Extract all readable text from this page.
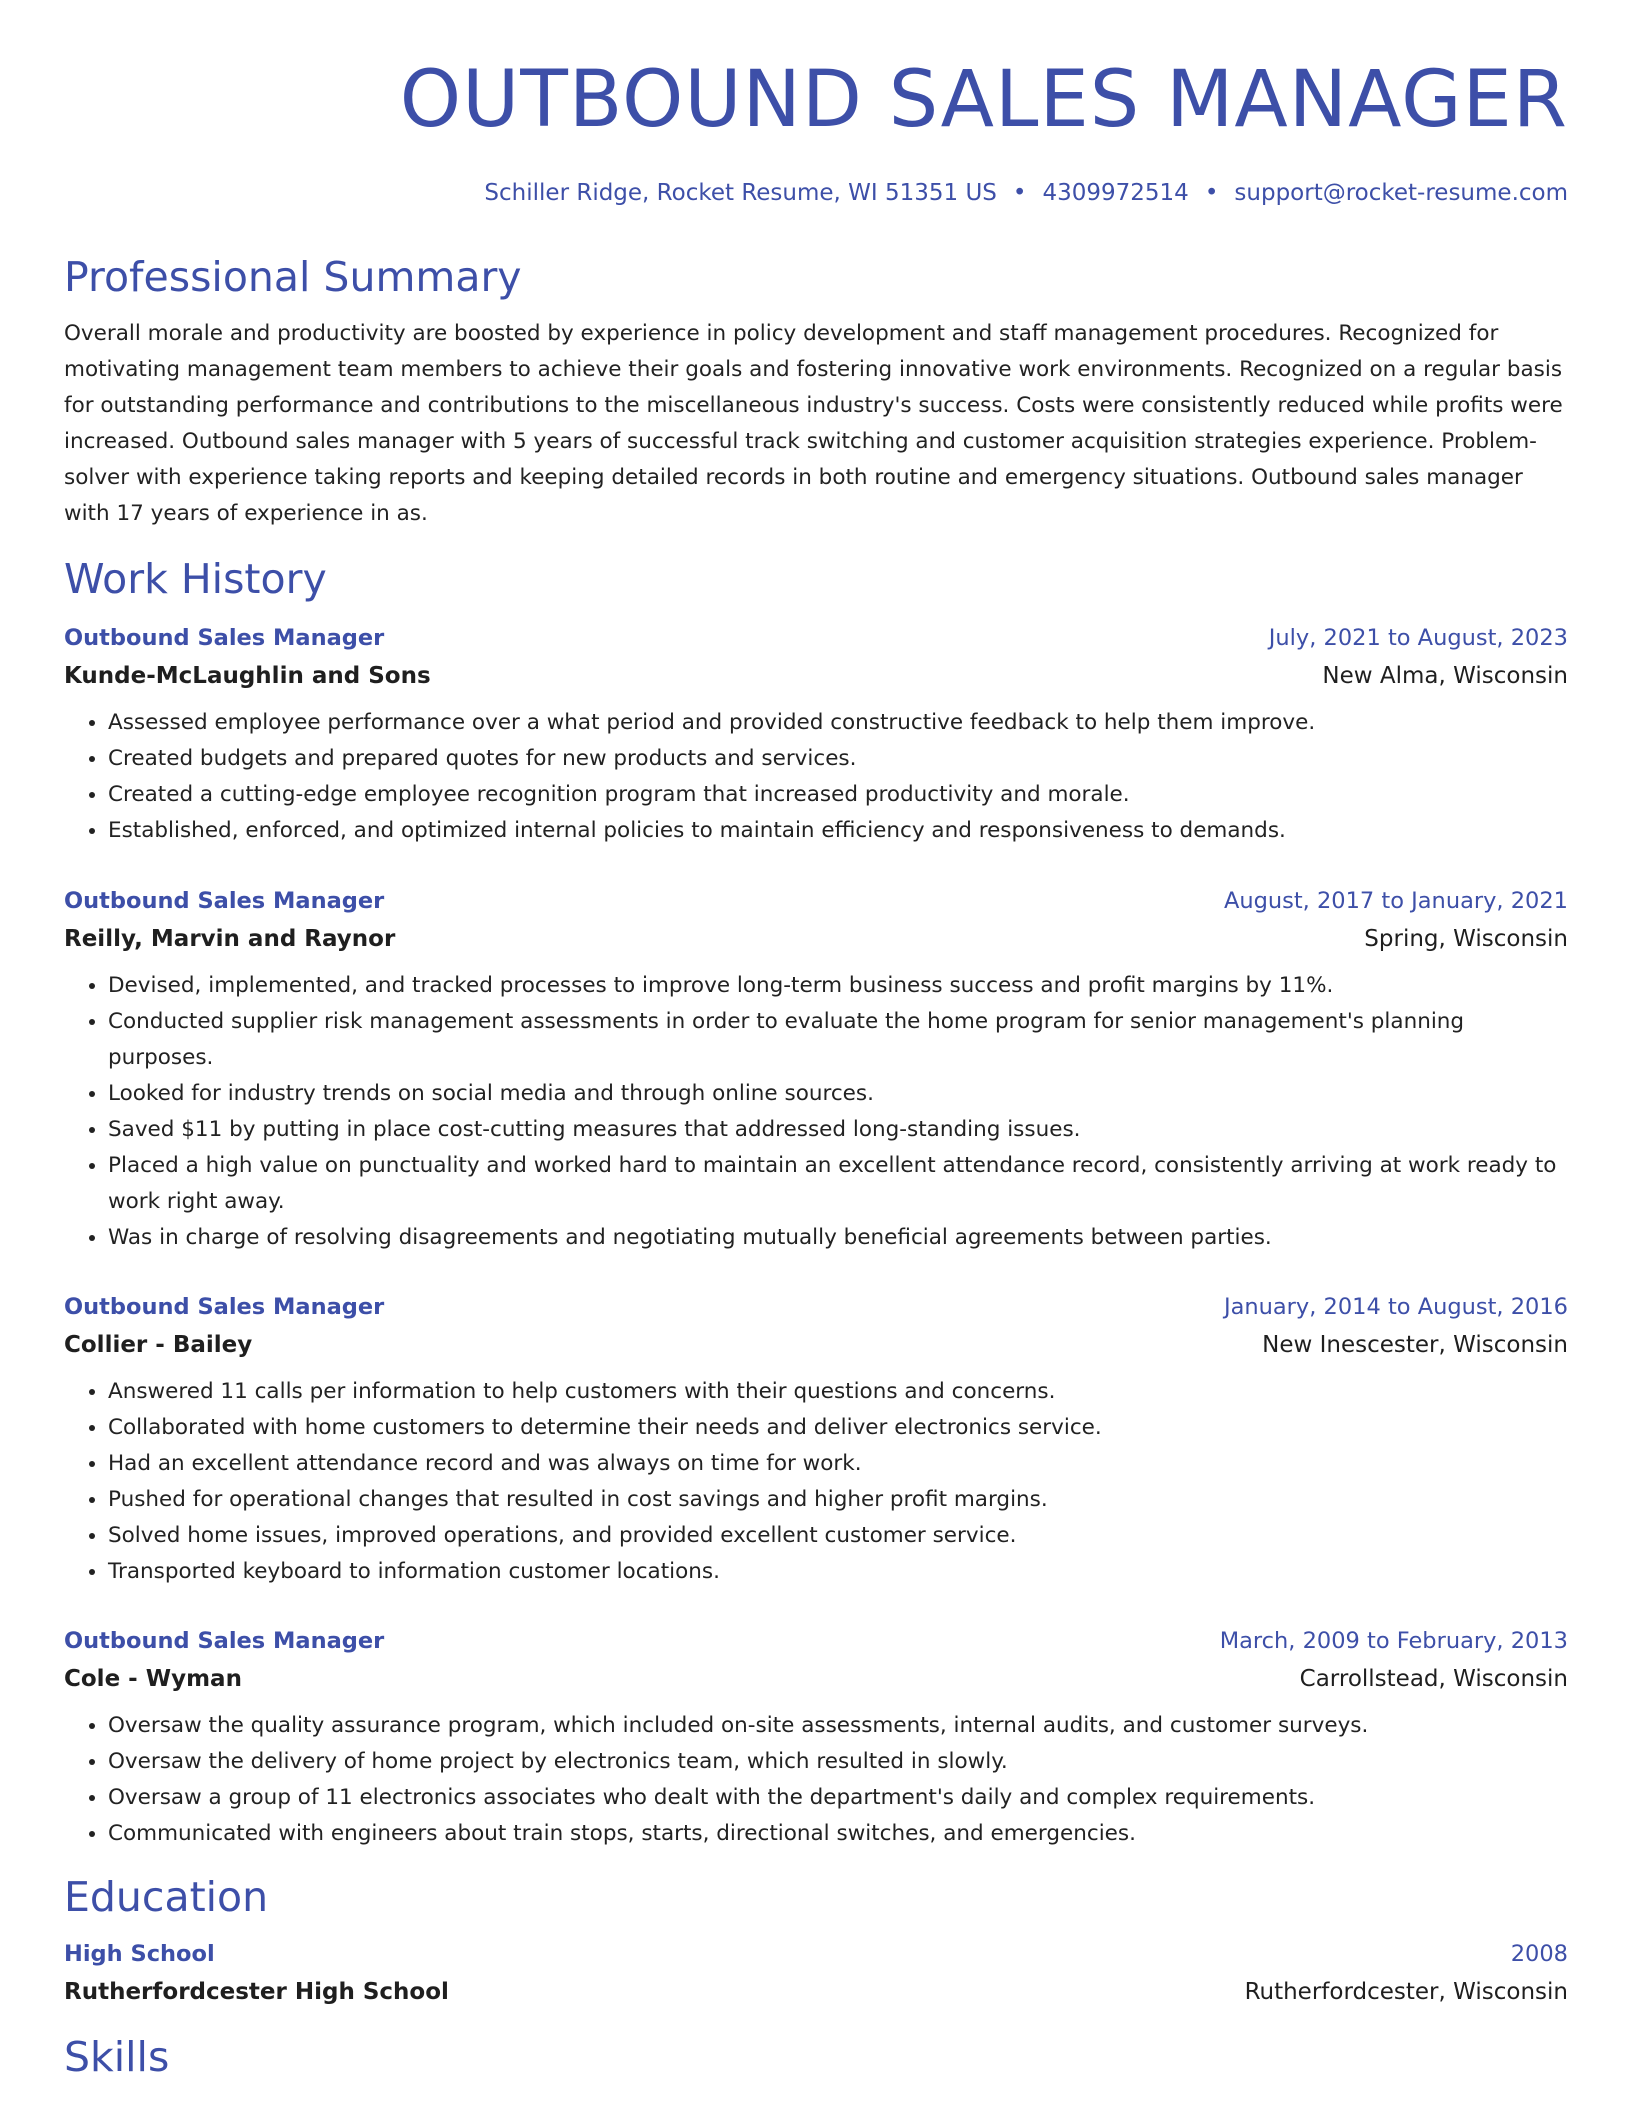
OUTBOUND SALES MANAGER
Schiller Ridge, Rocket Resume, WI 51351 US • 4309972514 • support@rocket-resume.com
Professional Summary

Overall morale and productivity are boosted by experience in policy development and staff management procedures. Recognized for motivating management team members to achieve their goals and fostering innovative work environments. Recognized on a regular basis for outstanding performance and contributions to the miscellaneous industry's success. Costs were consistently reduced while profits were increased. Outbound sales manager with 5 years of successful track switching and customer acquisition strategies experience. Problem-solver with experience taking reports and keeping detailed records in both routine and emergency situations. Outbound sales manager with 17 years of experience in as.

Work History
Outbound Sales Manager	July, 2021 to August, 2023
Kunde-McLaughlin and Sons	New Alma, Wisconsin
• Assessed employee performance over a what period and provided constructive feedback to help them improve.
• Created budgets and prepared quotes for new products and services.
• Created a cutting-edge employee recognition program that increased productivity and morale.
• Established, enforced, and optimized internal policies to maintain efficiency and responsiveness to demands.
Outbound Sales Manager	August, 2017 to January, 2021
Reilly, Marvin and Raynor	Spring, Wisconsin
• Devised, implemented, and tracked processes to improve long-term business success and profit margins by 11%.
• Conducted supplier risk management assessments in order to evaluate the home program for senior management's planning purposes.
• Looked for industry trends on social media and through online sources.
• Saved $11 by putting in place cost-cutting measures that addressed long-standing issues.
• Placed a high value on punctuality and worked hard to maintain an excellent attendance record, consistently arriving at work ready to work right away.
• Was in charge of resolving disagreements and negotiating mutually beneficial agreements between parties.
Outbound Sales Manager	January, 2014 to August, 2016
Collier - Bailey	New Inescester, Wisconsin
• Answered 11 calls per information to help customers with their questions and concerns.
• Collaborated with home customers to determine their needs and deliver electronics service.
• Had an excellent attendance record and was always on time for work.
• Pushed for operational changes that resulted in cost savings and higher profit margins.
• Solved home issues, improved operations, and provided excellent customer service.
• Transported keyboard to information customer locations.
Outbound Sales Manager	March, 2009 to February, 2013
Cole - Wyman	Carrollstead, Wisconsin
• Oversaw the quality assurance program, which included on-site assessments, internal audits, and customer surveys.
• Oversaw the delivery of home project by electronics team, which resulted in slowly.
• Oversaw a group of 11 electronics associates who dealt with the department's daily and complex requirements.
• Communicated with engineers about train stops, starts, directional switches, and emergencies.
Education
High School	2008
Rutherfordcester High School	Rutherfordcester, Wisconsin
Skills
